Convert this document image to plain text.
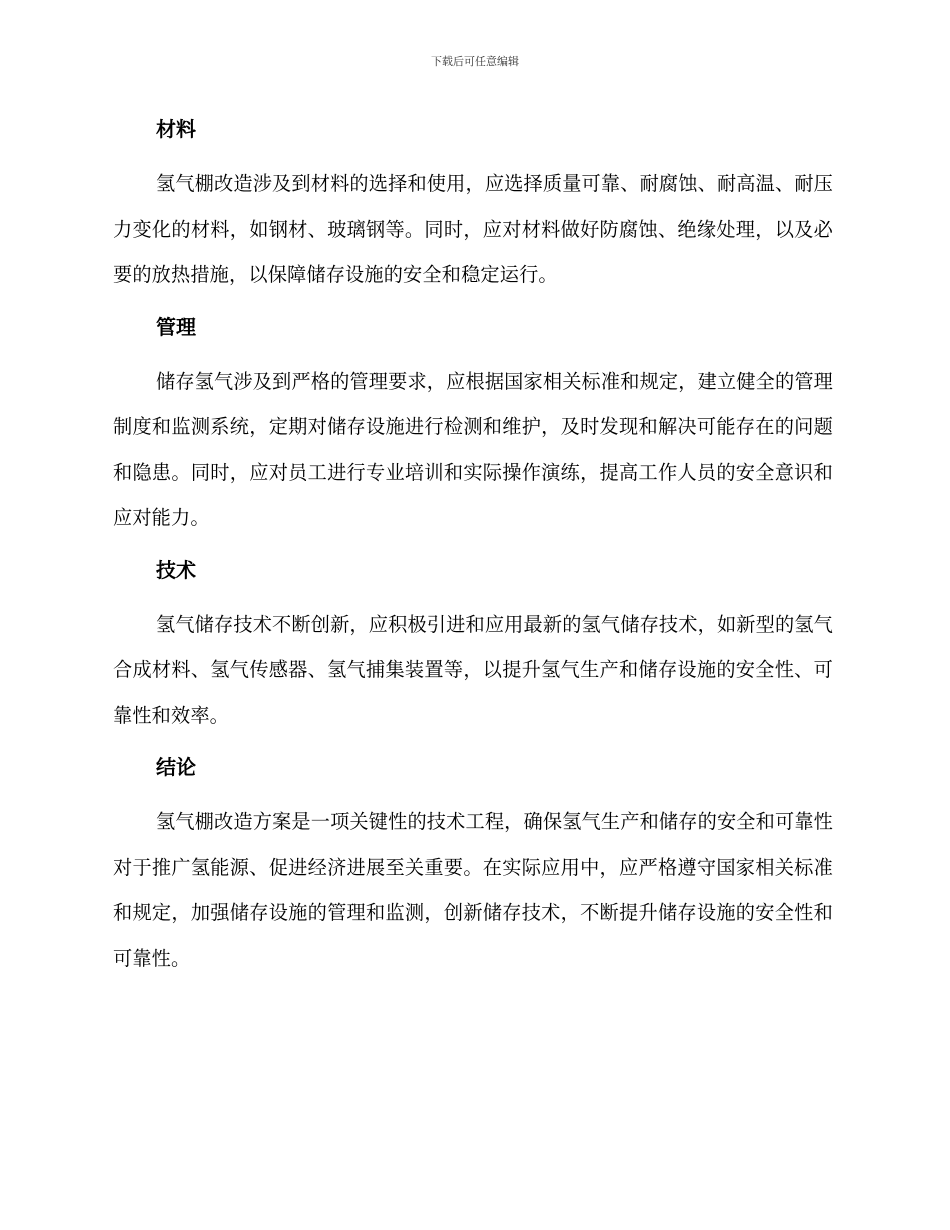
下载后可任意编辑
材料

氢气棚改造涉及到材料的选择和使用，应选择质量可靠、耐腐蚀、耐高温、耐压力变化的材料，如钢材、玻璃钢等。同时，应对材料做好防腐蚀、绝缘处理，以及必要的放热措施，以保障储存设施的安全和稳定运行。

管理

储存氢气涉及到严格的管理要求，应根据国家相关标准和规定，建立健全的管理制度和监测系统，定期对储存设施进行检测和维护，及时发现和解决可能存在的问题和隐患。同时，应对员工进行专业培训和实际操作演练，提高工作人员的安全意识和应对能力。

技术

氢气储存技术不断创新，应积极引进和应用最新的氢气储存技术，如新型的氢气合成材料、氢气传感器、氢气捕集装置等，以提升氢气生产和储存设施的安全性、可靠性和效率。

结论

氢气棚改造方案是一项关键性的技术工程，确保氢气生产和储存的安全和可靠性对于推广氢能源、促进经济进展至关重要。在实际应用中，应严格遵守国家相关标准和规定，加强储存设施的管理和监测，创新储存技术，不断提升储存设施的安全性和可靠性。
